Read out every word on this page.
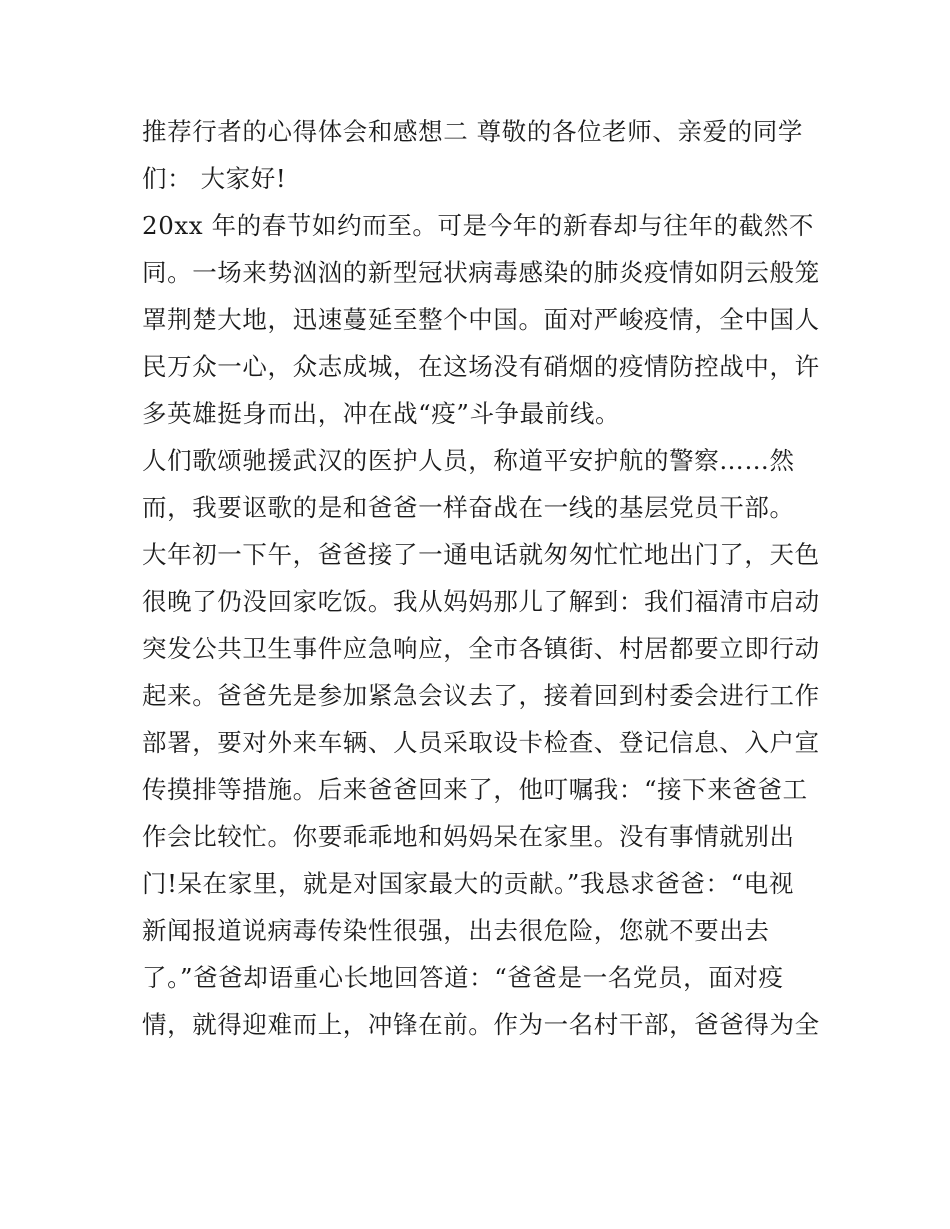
推荐行者的心得体会和感想二 尊敬的各位老师、亲爱的同学
们： 大家好!
20xx 年的春节如约而至。可是今年的新春却与往年的截然不
同。一场来势汹汹的新型冠状病毒感染的肺炎疫情如阴云般笼
罩荆楚大地，迅速蔓延至整个中国。面对严峻疫情，全中国人
民万众一心，众志成城，在这场没有硝烟的疫情防控战中，许
多英雄挺身而出，冲在战“疫”斗争最前线。
人们歌颂驰援武汉的医护人员，称道平安护航的警察……然
而，我要讴歌的是和爸爸一样奋战在一线的基层党员干部。
大年初一下午，爸爸接了一通电话就匆匆忙忙地出门了，天色
很晚了仍没回家吃饭。我从妈妈那儿了解到：我们福清市启动
突发公共卫生事件应急响应，全市各镇街、村居都要立即行动
起来。爸爸先是参加紧急会议去了，接着回到村委会进行工作
部署，要对外来车辆、人员采取设卡检查、登记信息、入户宣
传摸排等措施。后来爸爸回来了，他叮嘱我：“接下来爸爸工
作会比较忙。你要乖乖地和妈妈呆在家里。没有事情就别出
门!呆在家里，就是对国家最大的贡献。”我恳求爸爸：“电视
新闻报道说病毒传染性很强，出去很危险，您就不要出去
了。”爸爸却语重心长地回答道：“爸爸是一名党员，面对疫
情，就得迎难而上，冲锋在前。作为一名村干部，爸爸得为全
